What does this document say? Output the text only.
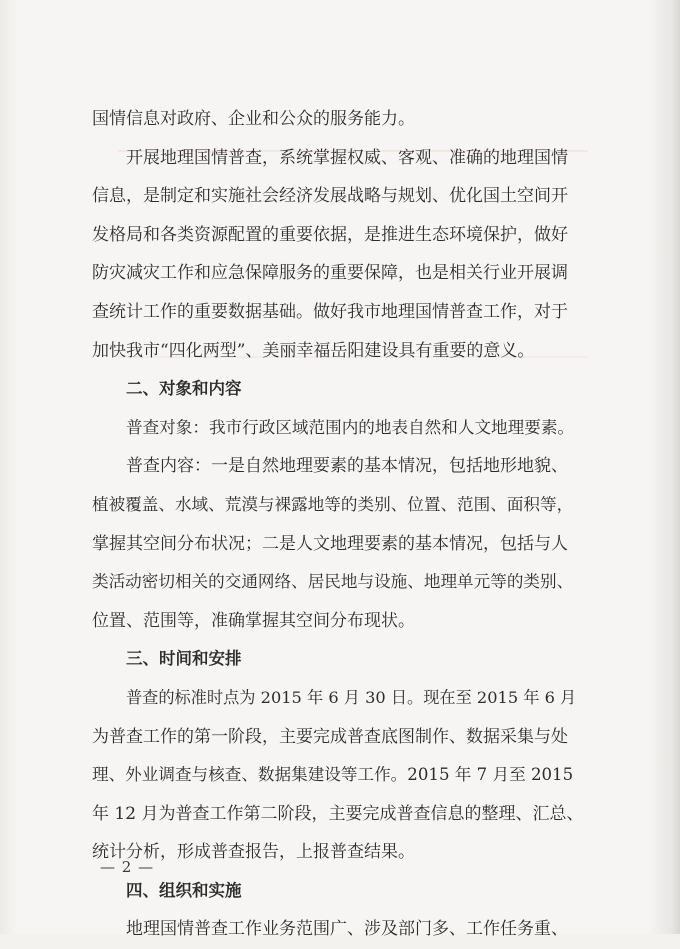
国情信息对政府、企业和公众的服务能力。
开展地理国情普查，系统掌握权威、客观、准确的地理国情
信息，是制定和实施社会经济发展战略与规划、优化国土空间开
发格局和各类资源配置的重要依据，是推进生态环境保护，做好
防灾减灾工作和应急保障服务的重要保障，也是相关行业开展调
查统计工作的重要数据基础。做好我市地理国情普查工作，对于
加快我市“四化两型”、美丽幸福岳阳建设具有重要的意义。
二、对象和内容
普查对象：我市行政区域范围内的地表自然和人文地理要素。
普查内容：一是自然地理要素的基本情况，包括地形地貌、
植被覆盖、水域、荒漠与裸露地等的类别、位置、范围、面积等，
掌握其空间分布状况；二是人文地理要素的基本情况，包括与人
类活动密切相关的交通网络、居民地与设施、地理单元等的类别、
位置、范围等，准确掌握其空间分布现状。
三、时间和安排
普查的标准时点为 2015 年 6 月 30 日。现在至 2015 年 6 月
为普查工作的第一阶段，主要完成普查底图制作、数据采集与处
理、外业调查与核查、数据集建设等工作。2015 年 7 月至 2015
年 12 月为普查工作第二阶段，主要完成普查信息的整理、汇总、
统计分析，形成普查报告，上报普查结果。
四、组织和实施
地理国情普查工作业务范围广、涉及部门多、工作任务重、
— 2 —
